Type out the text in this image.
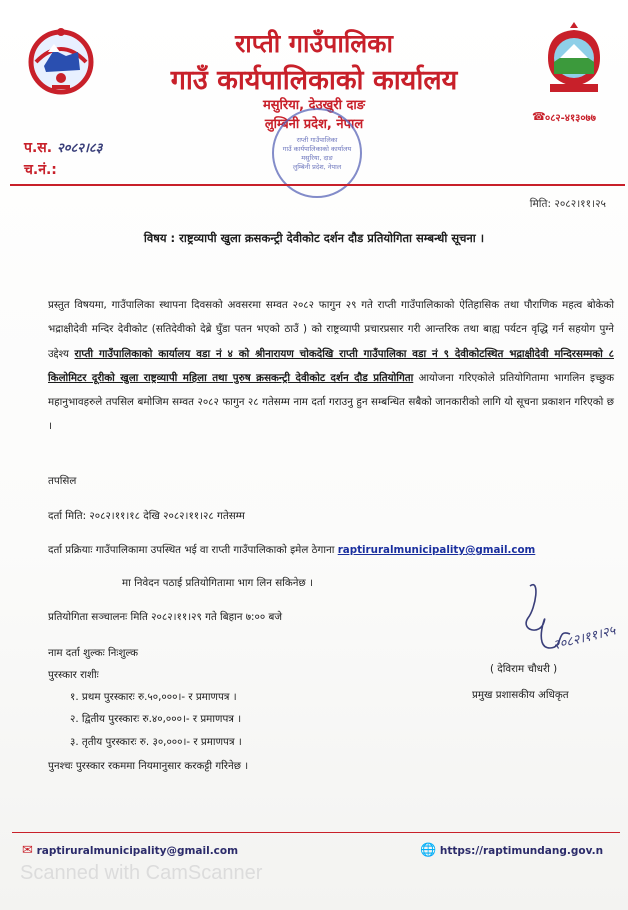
राप्ती गाउँपालिका
गाउँ कार्यपालिकाको कार्यालय
मसुरिया, देउखुरी दाङ
लुम्बिनी प्रदेश, नेपाल
☎ ०८२-४१३०७७
प.स. २०८२।८३
च.नं.:
राप्ती गाउँपालिका
गाउँ कार्यपालिकाको कार्यालय
मसुरिया, दाङ
लुम्बिनी प्रदेश, नेपाल
मिति: २०८२।११।२५
विषय : राष्ट्रव्यापी खुला क्रसकन्ट्री देवीकोट दर्शन दौड प्रतियोगिता सम्बन्धी सूचना ।
प्रस्तुत विषयमा, गाउँपालिका स्थापना दिवसको अवसरमा सम्वत २०८२ फागुन २९ गते राप्ती गाउँपालिकाको ऐतिहासिक तथा पौराणिक महत्व बोकेको भद्राक्षीदेवी मन्दिर देवीकोट (सतिदेवीको देब्रे घुँडा पतन भएको ठाउँ ) को राष्ट्रव्यापी प्रचारप्रसार गरी आन्तरिक तथा बाह्य पर्यटन वृद्धि गर्न सहयोग पुग्ने उद्देश्य राप्ती गाउँपालिकाको कार्यालय वडा नं ४ को श्रीनारायण चोकदेखि राप्ती गाउँपालिका वडा नं ९ देवीकोटस्थित भद्राक्षीदेवी मन्दिरसम्मको ८ किलोमिटर दूरीको खुला राष्ट्रव्यापी महिला तथा पुरुष क्रसकन्ट्री देवीकोट दर्शन दौड प्रतियोगिता आयोजना गरिएकोले प्रतियोगितामा भागलिन इच्छुक महानुभावहरुले तपसिल बमोजिम सम्वत २०८२ फागुन २८ गतेसम्म नाम दर्ता गराउनु हुन सम्बन्धित सबैको जानकारीको लागि यो सूचना प्रकाशन गरिएको छ ।
तपसिल
दर्ता मिति: २०८२।११।१८ देखि २०८२।११।२८ गतेसम्म
दर्ता प्रक्रियाः गाउँपालिकामा उपस्थित भई वा राप्ती गाउँपालिकाको इमेल ठेगाना raptiruralmunicipality@gmail.com
मा निवेदन पठाई प्रतियोगितामा भाग लिन सकिनेछ ।
प्रतियोगिता सञ्चालनः मिति २०८२।११।२९ गते बिहान ७:०० बजे
नाम दर्ता शुल्कः निःशुल्क
पुरस्कार राशीः
१. प्रथम पुरस्कारः रु.५०,०००।- र प्रमाणपत्र ।
२. द्वितीय पुरस्कारः रु.४०,०००।- र प्रमाणपत्र ।
३. तृतीय पुरस्कारः रु. ३०,०००।- र प्रमाणपत्र ।
पुनश्चः पुरस्कार रकममा नियमानुसार करकट्टी गरिनेछ ।
२०८२।११।२५
( देविराम चौधरी )
प्रमुख प्रशासकीय अधिकृत
✉ raptiruralmunicipality@gmail.com	🌐 https://raptimundang.gov.n
Scanned with CamScanner
